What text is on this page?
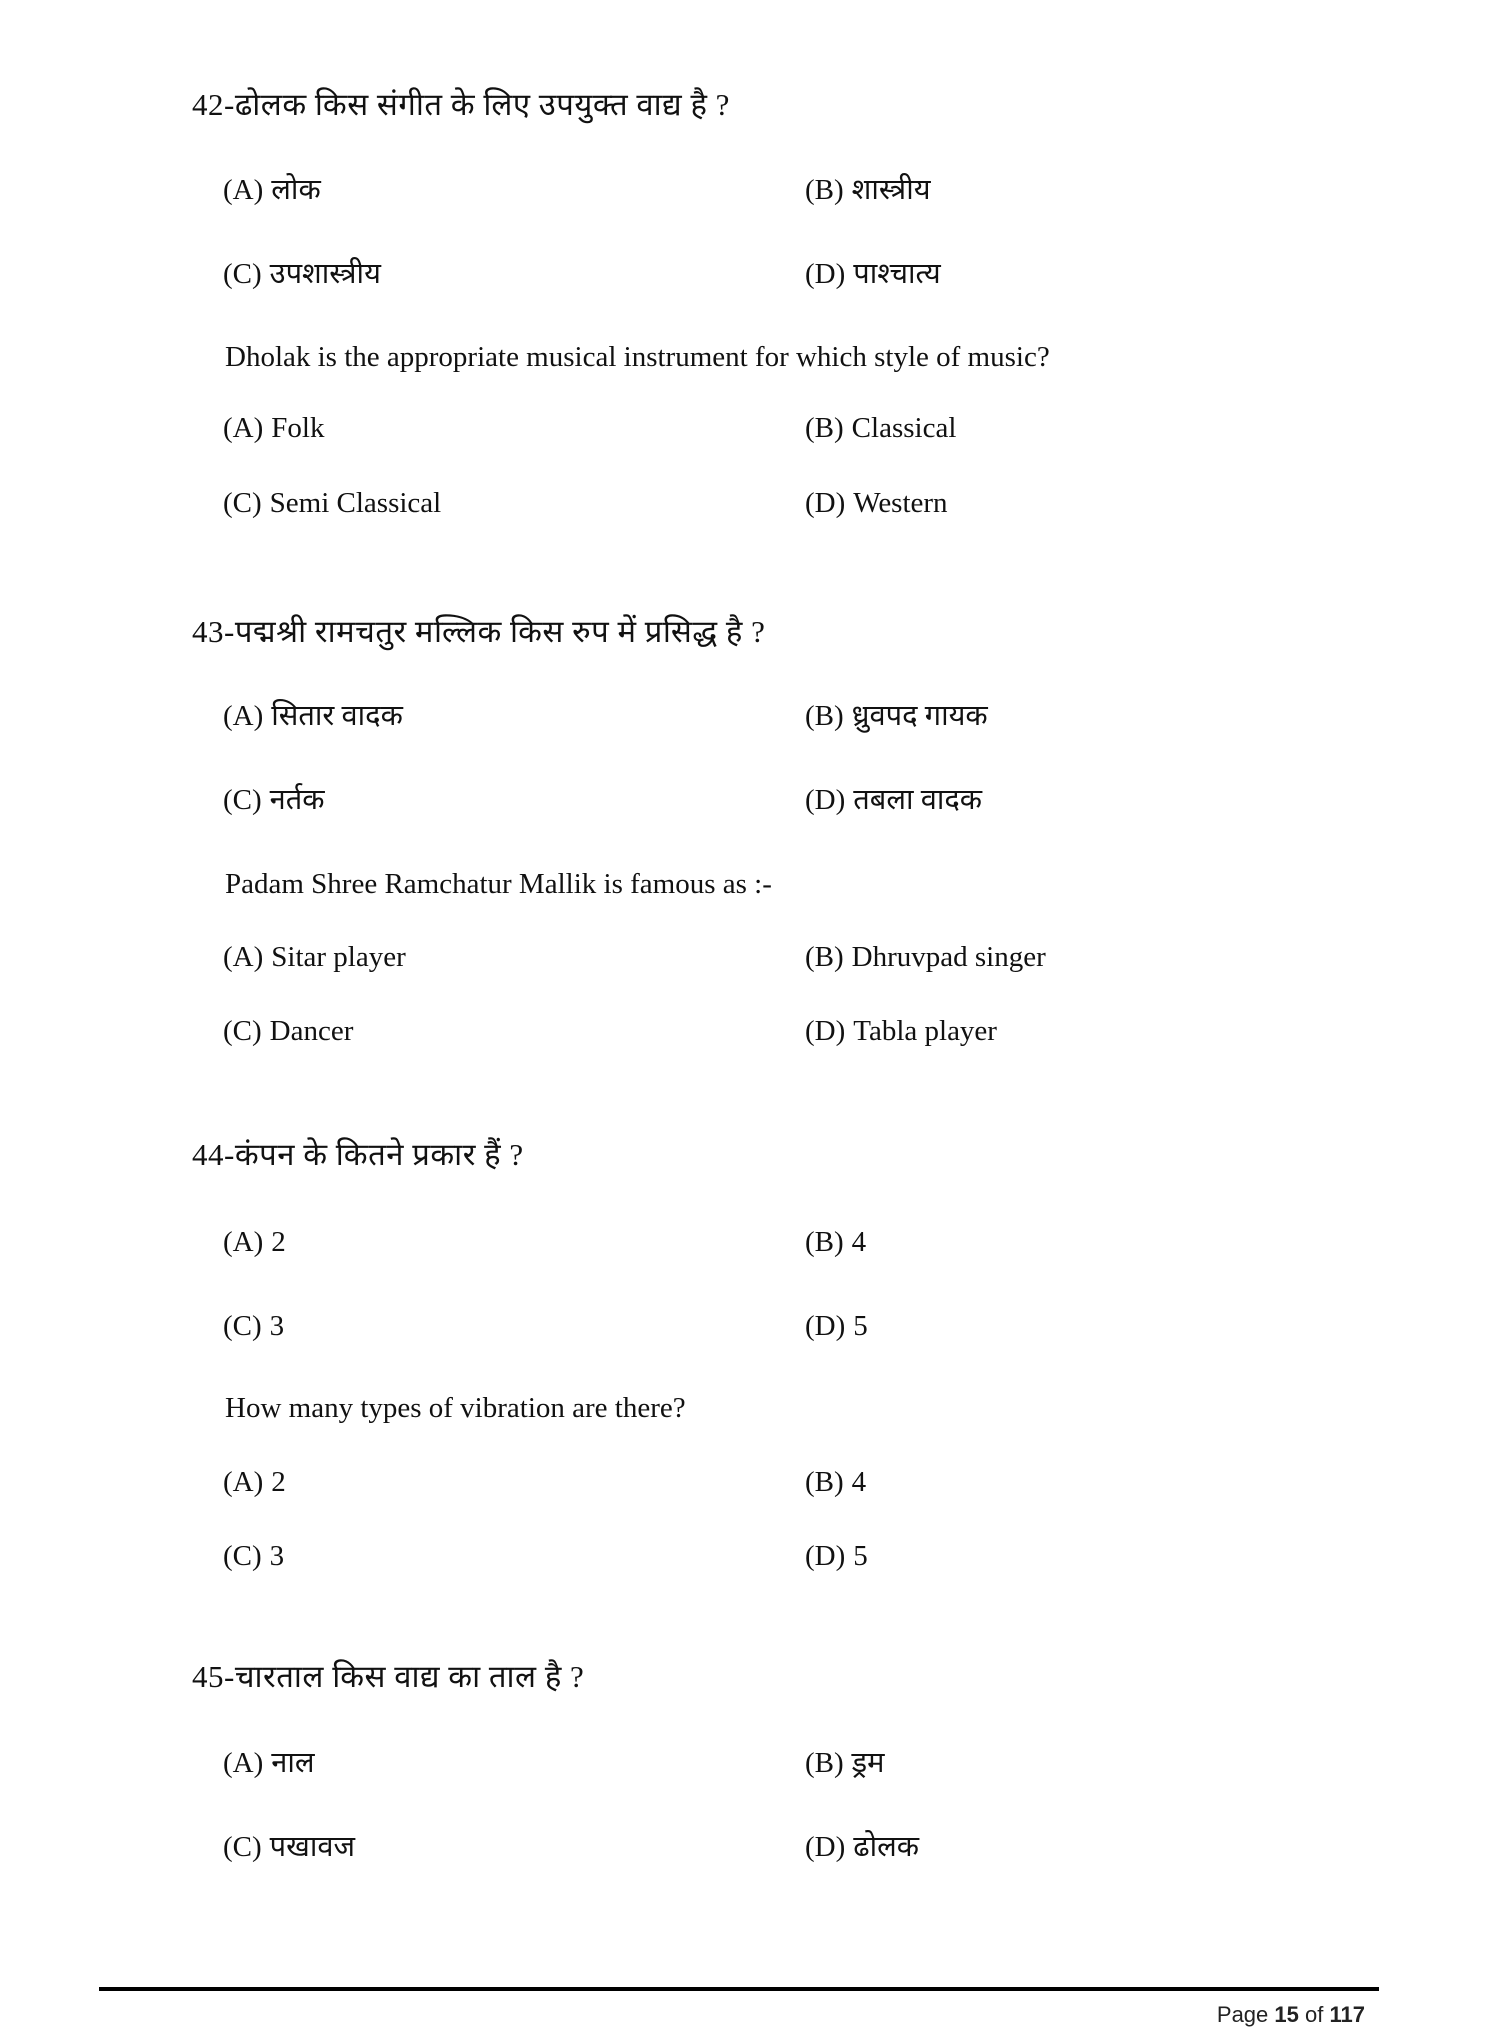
42-ढोलक किस संगीत के लिए उपयुक्त वाद्य है ?
(A) लोक	(B) शास्त्रीय
(C) उपशास्त्रीय	(D) पाश्चात्य
Dholak is the appropriate musical instrument for which style of music?
(A) Folk	(B) Classical
(C) Semi Classical	(D) Western
43-पद्मश्री रामचतुर मल्लिक किस रुप में प्रसिद्ध है ?
(A) सितार वादक	(B) ध्रुवपद गायक
(C) नर्तक	(D) तबला वादक
Padam Shree Ramchatur Mallik is famous as :-
(A) Sitar player	(B) Dhruvpad singer
(C) Dancer	(D) Tabla player
44-कंपन के कितने प्रकार हैं ?
(A) 2	(B) 4
(C) 3	(D) 5
How many types of vibration are there?
(A) 2	(B) 4
(C) 3	(D) 5
45-चारताल किस वाद्य का ताल है ?
(A) नाल	(B) ड्रम
(C) पखावज	(D) ढोलक
Page 15 of 117
